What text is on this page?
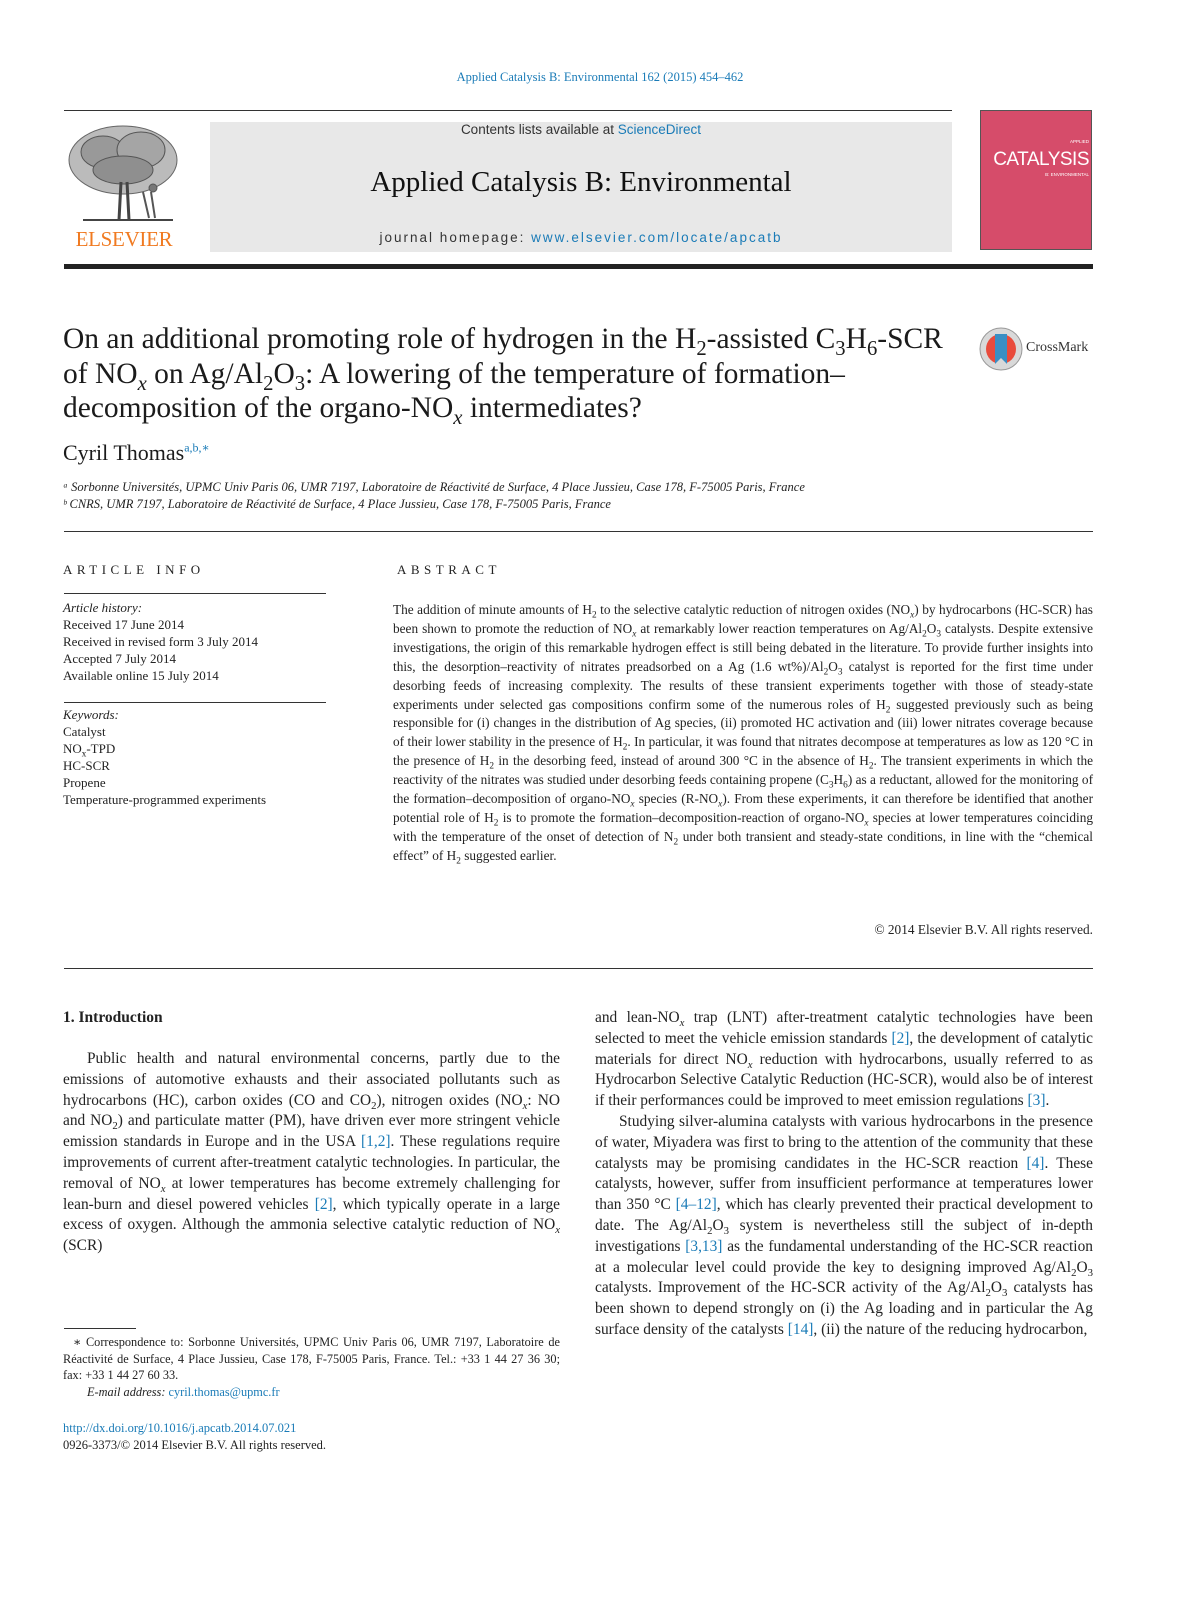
Applied Catalysis B: Environmental 162 (2015) 454–462
ELSEVIER
Contents lists available at ScienceDirect
Applied Catalysis B: Environmental
journal homepage: www.elsevier.com/locate/apcatb
APPLIED
CATALYSIS
B: ENVIRONMENTAL
On an additional promoting role of hydrogen in the $H_2$-assisted $C_3H_6$-SCR of $NO_x$ on $Ag/Al_2O_3$: A lowering of the temperature of formation–decomposition of the organo-$NO_x$ intermediates?
CrossMark
Cyril Thomas$^{a,b,∗}$
ᵃ Sorbonne Universités, UPMC Univ Paris 06, UMR 7197, Laboratoire de Réactivité de Surface, 4 Place Jussieu, Case 178, F-75005 Paris, France
ᵇ CNRS, UMR 7197, Laboratoire de Réactivité de Surface, 4 Place Jussieu, Case 178, F-75005 Paris, France
ARTICLE INFO
Article history:
Received 17 June 2014
Received in revised form 3 July 2014
Accepted 7 July 2014
Available online 15 July 2014
Keywords:
Catalyst
$NO_x$-TPD
HC-SCR
Propene
Temperature-programmed experiments
ABSTRACT
The addition of minute amounts of $H_2$ to the selective catalytic reduction of nitrogen oxides $(NO_x)$ by hydrocarbons (HC-SCR) has been shown to promote the reduction of $NO_x$ at remarkably lower reaction temperatures on $Ag/Al_2O_3$ catalysts. Despite extensive investigations, the origin of this remarkable hydrogen effect is still being debated in the literature. To provide further insights into this, the desorption–reactivity of nitrates preadsorbed on a Ag (1.6 $wt\%)/Al_2O_3$ catalyst is reported for the first time under desorbing feeds of increasing complexity. The results of these transient experiments together with those of steady-state experiments under selected gas compositions confirm some of the numerous roles of $H_2$ suggested previously such as being responsible for (i) changes in the distribution of Ag species, (ii) promoted HC activation and (iii) lower nitrates coverage because of their lower stability in the presence of $H_2$. In particular, it was found that nitrates decompose at temperatures as low as 120 °C in the presence of $H_2$ in the desorbing feed, instead of around 300 °C in the absence of $H_2$. The transient experiments in which the reactivity of the nitrates was studied under desorbing feeds containing propene $(C_3H_6)$ as a reductant, allowed for the monitoring of the formation–decomposition of organo-$NO_x$ species $(R-NO_x)$. From these experiments, it can therefore be identified that another potential role of $H_2$ is to promote the formation–decomposition-reaction of organo-$NO_x$ species at lower temperatures coinciding with the temperature of the onset of detection of $N_2$ under both transient and steady-state conditions, in line with the “chemical effect” of $H_2$ suggested earlier.
© 2014 Elsevier B.V. All rights reserved.
1. Introduction

Public health and natural environmental concerns, partly due to the emissions of automotive exhausts and their associated pollutants such as hydrocarbons (HC), carbon oxides (CO and $CO_2$), nitrogen oxides ($NO_x$: NO and $NO_2$) and particulate matter (PM), have driven ever more stringent vehicle emission standards in Europe and in the USA [1,2]. These regulations require improvements of current after-treatment catalytic technologies. In particular, the removal of $NO_x$ at lower temperatures has become extremely challenging for lean-burn and diesel powered vehicles [2], which typically operate in a large excess of oxygen. Although the ammonia selective catalytic reduction of $NO_x$ (SCR)

and lean-$NO_x$ trap (LNT) after-treatment catalytic technologies have been selected to meet the vehicle emission standards [2], the development of catalytic materials for direct $NO_x$ reduction with hydrocarbons, usually referred to as Hydrocarbon Selective Catalytic Reduction (HC-SCR), would also be of interest if their performances could be improved to meet emission regulations [3].

Studying silver-alumina catalysts with various hydrocarbons in the presence of water, Miyadera was first to bring to the attention of the community that these catalysts may be promising candidates in the HC-SCR reaction [4]. These catalysts, however, suffer from insufficient performance at temperatures lower than 350 °C [4–12], which has clearly prevented their practical development to date. The $Ag/Al_2O_3$ system is nevertheless still the subject of in-depth investigations [3,13] as the fundamental understanding of the HC-SCR reaction at a molecular level could provide the key to designing improved $Ag/Al_2O_3$ catalysts. Improvement of the HC-SCR activity of the $Ag/Al_2O_3$ catalysts has been shown to depend strongly on (i) the Ag loading and in particular the Ag surface density of the catalysts [14], (ii) the nature of the reducing hydrocarbon,

∗ Correspondence to: Sorbonne Universités, UPMC Univ Paris 06, UMR 7197, Laboratoire de Réactivité de Surface, 4 Place Jussieu, Case 178, F-75005 Paris, France. Tel.: +33 1 44 27 36 30; fax: +33 1 44 27 60 33.
E-mail address: cyril.thomas@upmc.fr
http://dx.doi.org/10.1016/j.apcatb.2014.07.021
0926-3373/© 2014 Elsevier B.V. All rights reserved.
